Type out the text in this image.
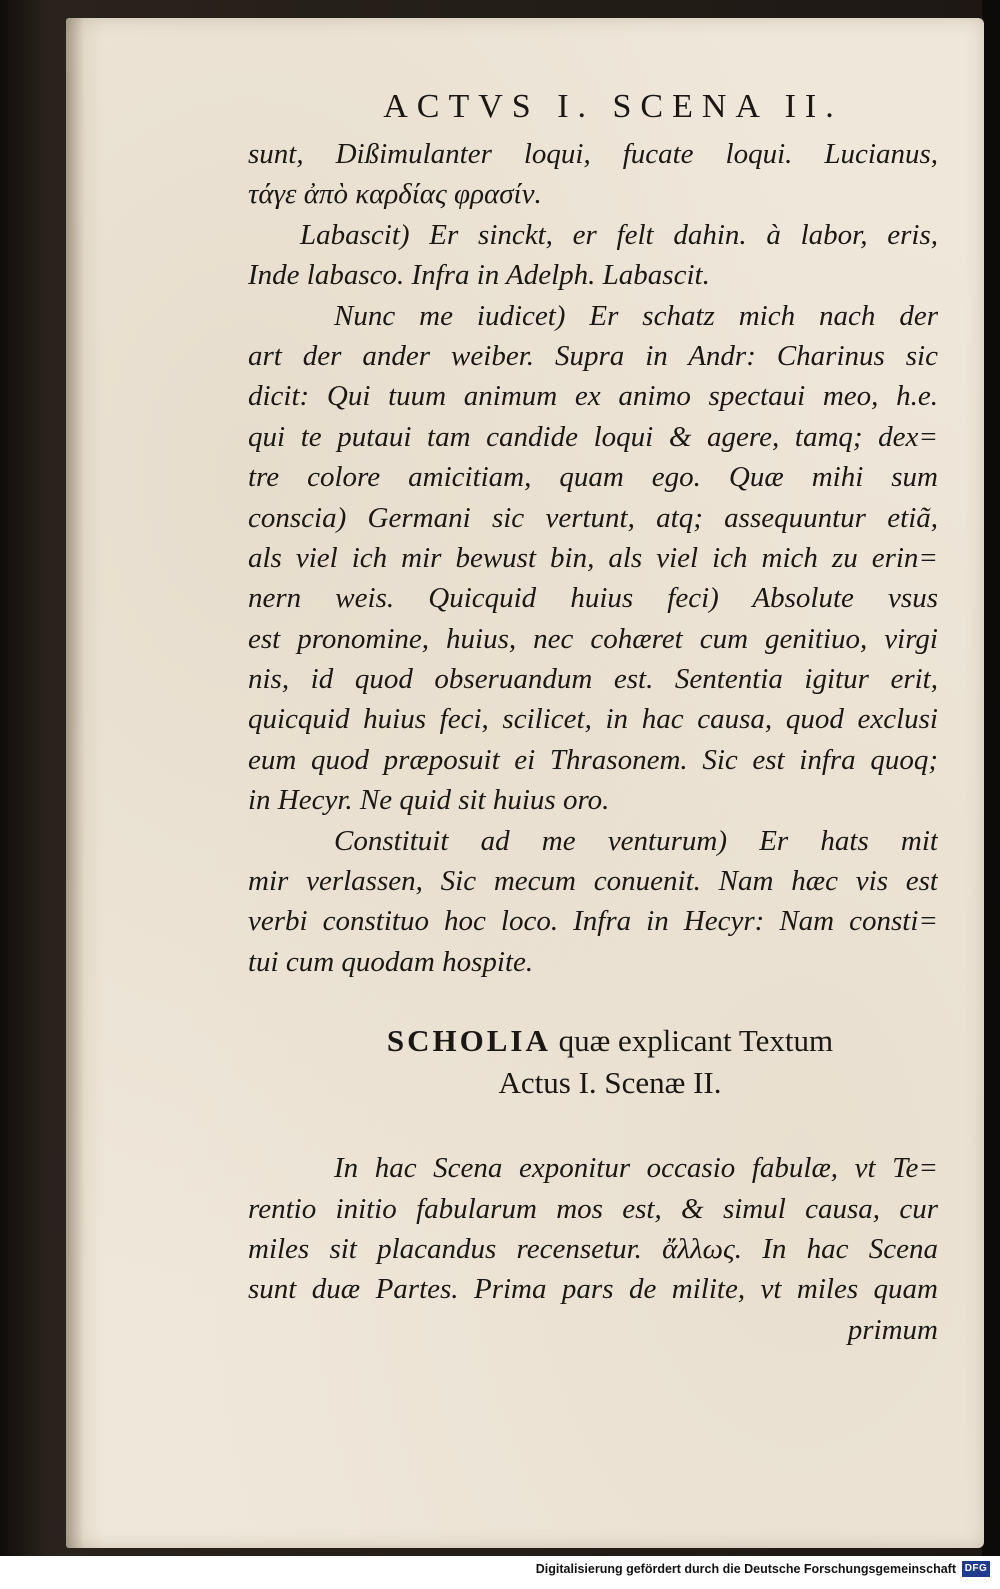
ACTVS I. SCENA II.
sunt, Dißimulanter loqui, fucate loqui. Lucianus,
τάγε ἀπὸ καρδίας φρασίν.
Labascit) Er sinckt, er felt dahin. à labor, eris,
Inde labasco. Infra in Adelph. Labascit.
Nunc me iudicet) Er schatz mich nach der
art der ander weiber. Supra in Andr: Charinus sic
dicit: Qui tuum animum ex animo spectaui meo, h.e.
qui te putaui tam candide loqui & agere, tamq; dex=
tre colore amicitiam, quam ego. Quæ mihi sum
conscia) Germani sic vertunt, atq; assequuntur etiã,
als viel ich mir bewust bin, als viel ich mich zu erin=
nern weis. Quicquid huius feci) Absolute vsus
est pronomine, huius, nec cohæret cum genitiuo, virgi
nis, id quod obseruandum est. Sententia igitur erit,
quicquid huius feci, scilicet, in hac causa, quod exclusi
eum quod præposuit ei Thrasonem. Sic est infra quoq;
in Hecyr. Ne quid sit huius oro.
Constituit ad me venturum) Er hats mit
mir verlassen, Sic mecum conuenit. Nam hæc vis est
verbi constituo hoc loco. Infra in Hecyr: Nam consti=
tui cum quodam hospite.
SCHOLIA quæ explicant Textum
Actus I. Scenæ II.
In hac Scena exponitur occasio fabulæ, vt Te=
rentio initio fabularum mos est, & simul causa, cur
miles sit placandus recensetur. ἄλλως. In hac Scena
sunt duæ Partes. Prima pars de milite, vt miles quam
primum
Digitalisierung gefördert durch die Deutsche Forschungsgemeinschaft DFG
